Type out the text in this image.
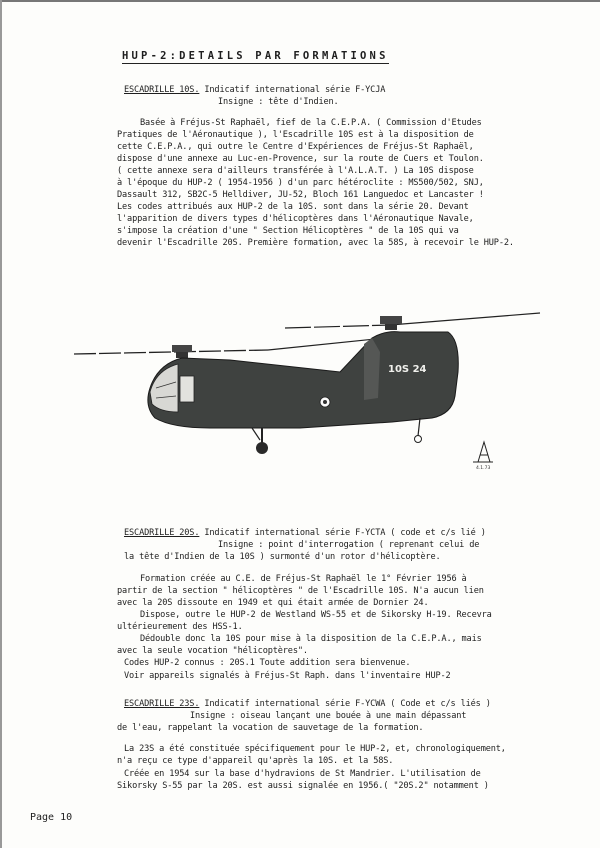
HUP-2:DETAILS PAR FORMATIONS
ESCADRILLE 10S. Indicatif international série F-YCJA
Insigne : tête d'Indien.
Basée à Fréjus-St Raphaël, fief de la C.E.P.A. ( Commission d'Etudes
Pratiques de l'Aéronautique ), l'Escadrille 10S est à la disposition de
cette C.E.P.A., qui outre le Centre d'Expériences de Fréjus-St Raphaël,
dispose d'une annexe au Luc-en-Provence, sur la route de Cuers et Toulon.
( cette annexe sera d'ailleurs transférée à l'A.L.A.T. ) La 10S dispose
à l'époque du HUP-2 ( 1954-1956 ) d'un parc hétéroclite : MS500/502, SNJ,
Dassault 312, SB2C-5 Helldiver, JU-52, Bloch 161 Languedoc et Lancaster !
Les codes attribués aux HUP-2 de la 10S. sont dans la série 20. Devant
l'apparition de divers types d'hélicoptères dans l'Aéronautique Navale,
s'impose la création d'une " Section Hélicoptères " de la 10S qui va
devenir l'Escadrille 20S. Première formation, avec la 58S, à recevoir le HUP-2.
10S 24
4.1.73
ESCADRILLE 20S. Indicatif international série F-YCTA ( code et c/s lié )
Insigne : point d'interrogation ( reprenant celui de
la tête d'Indien de la 10S ) surmonté d'un rotor d'hélicoptère.
Formation créée au C.E. de Fréjus-St Raphaël le 1° Février 1956 à
partir de la section " hélicoptères " de l'Escadrille 10S. N'a aucun lien
avec la 20S dissoute en 1949 et qui était armée de Dornier 24.
Dispose, outre le HUP-2 de Westland WS-55 et de Sikorsky H-19. Recevra
ultérieurement des HSS-1.
Dédouble donc la 10S pour mise à la disposition de la C.E.P.A., mais
avec la seule vocation "hélicoptères".
Codes HUP-2 connus : 20S.1 Toute addition sera bienvenue.
Voir appareils signalés à Fréjus-St Raph. dans l'inventaire HUP-2
ESCADRILLE 23S. Indicatif international série F-YCWA ( Code et c/s liés )
Insigne : oiseau lançant une bouée à une main dépassant
de l'eau, rappelant la vocation de sauvetage de la formation.
La 23S a été constituée spécifiquement pour le HUP-2, et, chronologiquement,
n'a reçu ce type d'appareil qu'après la 10S. et la 58S.
Créée en 1954 sur la base d'hydravions de St Mandrier. L'utilisation de
Sikorsky S-55 par la 20S. est aussi signalée en 1956.( "20S.2" notamment )
Page 10
